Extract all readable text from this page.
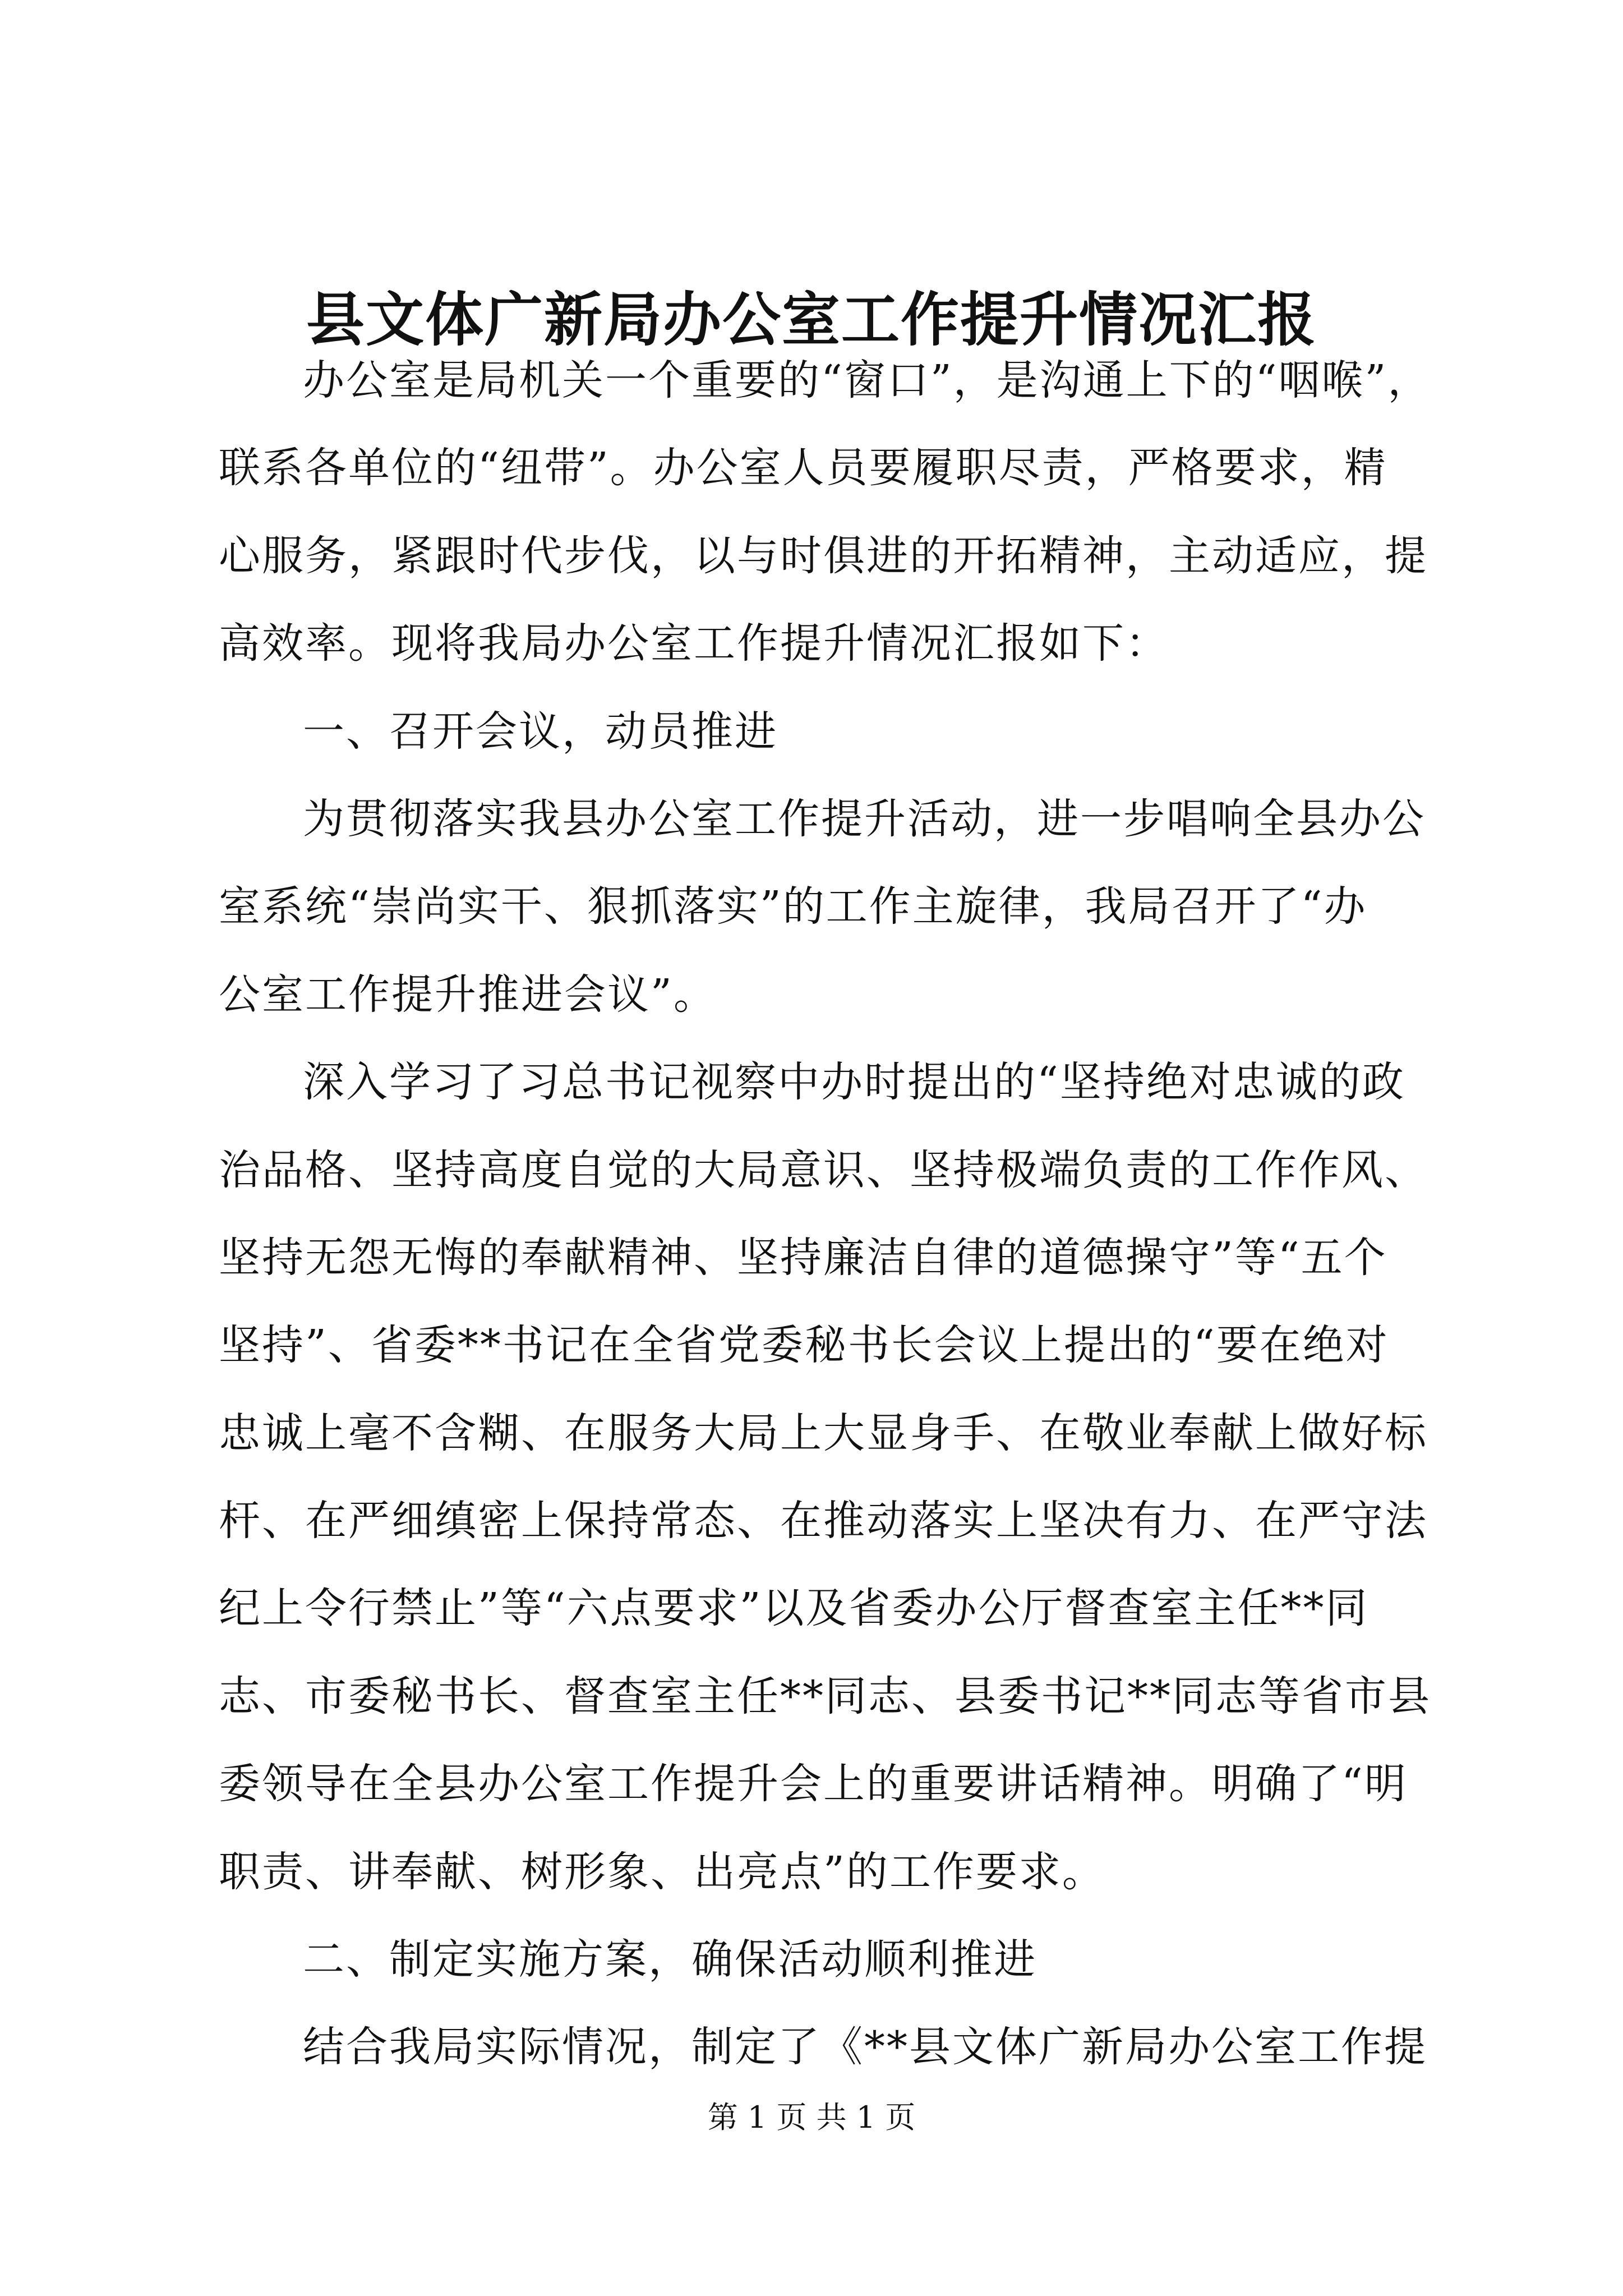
县文体广新局办公室工作提升情况汇报
办公室是局机关一个重要的“窗口”，是沟通上下的“咽喉”，
联系各单位的“纽带”。办公室人员要履职尽责，严格要求，精
心服务，紧跟时代步伐，以与时俱进的开拓精神，主动适应，提
高效率。现将我局办公室工作提升情况汇报如下：
一、召开会议，动员推进
为贯彻落实我县办公室工作提升活动，进一步唱响全县办公
室系统“崇尚实干、狠抓落实”的工作主旋律，我局召开了“办
公室工作提升推进会议”。
深入学习了习总书记视察中办时提出的“坚持绝对忠诚的政
治品格、坚持高度自觉的大局意识、坚持极端负责的工作作风、
坚持无怨无悔的奉献精神、坚持廉洁自律的道德操守”等“五个
坚持”、省委**书记在全省党委秘书长会议上提出的“要在绝对
忠诚上毫不含糊、在服务大局上大显身手、在敬业奉献上做好标
杆、在严细缜密上保持常态、在推动落实上坚决有力、在严守法
纪上令行禁止”等“六点要求”以及省委办公厅督查室主任**同
志、市委秘书长、督查室主任**同志、县委书记**同志等省市县
委领导在全县办公室工作提升会上的重要讲话精神。明确了“明
职责、讲奉献、树形象、出亮点”的工作要求。
二、制定实施方案，确保活动顺利推进
结合我局实际情况，制定了《**县文体广新局办公室工作提
第 1 页 共 1 页
